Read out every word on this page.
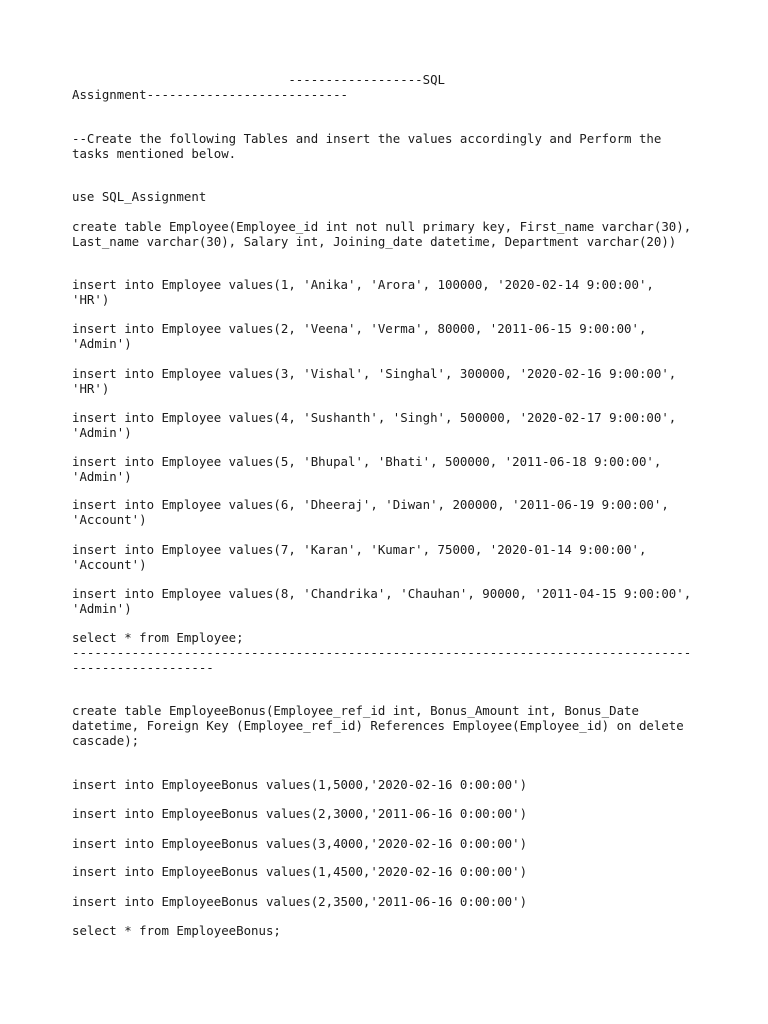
------------------SQL
Assignment---------------------------
--Create the following Tables and insert the values accordingly and Perform the
tasks mentioned below.
use SQL_Assignment
create table Employee(Employee_id int not null primary key, First_name varchar(30),
Last_name varchar(30), Salary int, Joining_date datetime, Department varchar(20))
insert into Employee values(1, 'Anika', 'Arora', 100000, '2020-02-14 9:00:00',
'HR')
insert into Employee values(2, 'Veena', 'Verma', 80000, '2011-06-15 9:00:00',
'Admin')
insert into Employee values(3, 'Vishal', 'Singhal', 300000, '2020-02-16 9:00:00',
'HR')
insert into Employee values(4, 'Sushanth', 'Singh', 500000, '2020-02-17 9:00:00',
'Admin')
insert into Employee values(5, 'Bhupal', 'Bhati', 500000, '2011-06-18 9:00:00',
'Admin')
insert into Employee values(6, 'Dheeraj', 'Diwan', 200000, '2011-06-19 9:00:00',
'Account')
insert into Employee values(7, 'Karan', 'Kumar', 75000, '2020-01-14 9:00:00',
'Account')
insert into Employee values(8, 'Chandrika', 'Chauhan', 90000, '2011-04-15 9:00:00',
'Admin')
select * from Employee;
-----------------------------------------------------------------------------------
-------------------
create table EmployeeBonus(Employee_ref_id int, Bonus_Amount int, Bonus_Date
datetime, Foreign Key (Employee_ref_id) References Employee(Employee_id) on delete
cascade);
insert into EmployeeBonus values(1,5000,'2020-02-16 0:00:00')
insert into EmployeeBonus values(2,3000,'2011-06-16 0:00:00')
insert into EmployeeBonus values(3,4000,'2020-02-16 0:00:00')
insert into EmployeeBonus values(1,4500,'2020-02-16 0:00:00')
insert into EmployeeBonus values(2,3500,'2011-06-16 0:00:00')
select * from EmployeeBonus;
